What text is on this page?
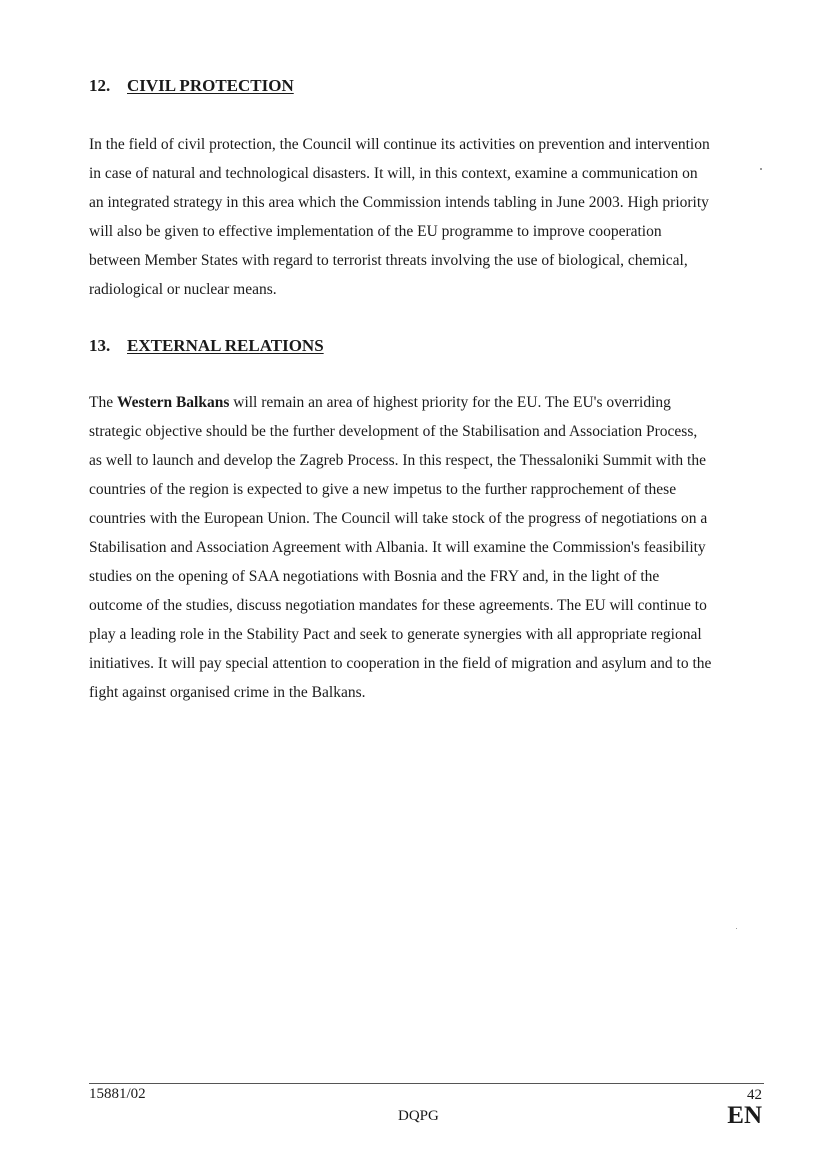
12. CIVIL PROTECTION
In the field of civil protection, the Council will continue its activities on prevention and intervention
in case of natural and technological disasters. It will, in this context, examine a communication on
an integrated strategy in this area which the Commission intends tabling in June 2003. High priority
will also be given to effective implementation of the EU programme to improve cooperation
between Member States with regard to terrorist threats involving the use of biological, chemical,
radiological or nuclear means.
13. EXTERNAL RELATIONS
The Western Balkans will remain an area of highest priority for the EU. The EU's overriding
strategic objective should be the further development of the Stabilisation and Association Process,
as well to launch and develop the Zagreb Process. In this respect, the Thessaloniki Summit with the
countries of the region is expected to give a new impetus to the further rapprochement of these
countries with the European Union. The Council will take stock of the progress of negotiations on a
Stabilisation and Association Agreement with Albania. It will examine the Commission's feasibility
studies on the opening of SAA negotiations with Bosnia and the FRY and, in the light of the
outcome of the studies, discuss negotiation mandates for these agreements. The EU will continue to
play a leading role in the Stability Pact and seek to generate synergies with all appropriate regional
initiatives. It will pay special attention to cooperation in the field of migration and asylum and to the
fight against organised crime in the Balkans.
15881/02
DQPG
42
EN
